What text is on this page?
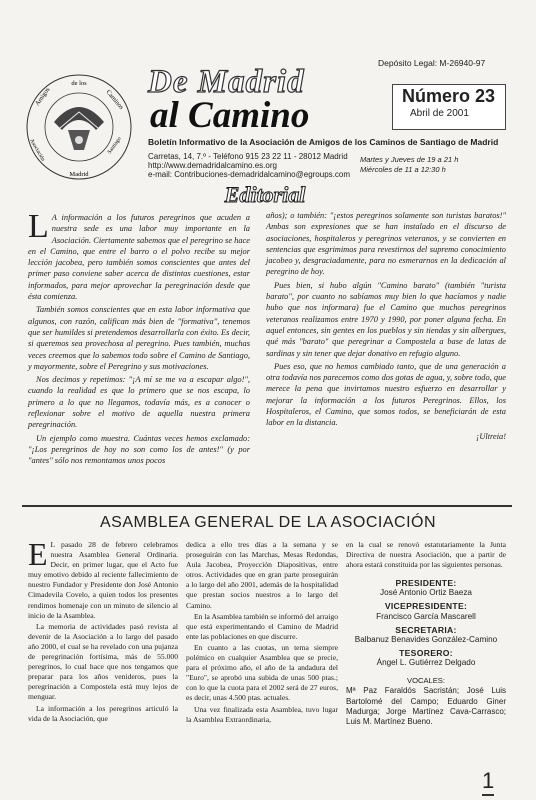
Depósito Legal: M-26940-97
de los
Amigos	Caminos
Madrid
Asociación	Santiago
De Madrid
al Camino	Número 23
Abril de 2001
Boletín Informativo de la Asociación de Amigos de los Caminos de Santiago de Madrid
Carretas, 14, 7.º - Teléfono 915 23 22 11 - 28012 Madrid
http://www.demadridalcamino.es.org
e-mail: Contribuciones-demadridalcamino@egroups.com
Martes y Jueves de 19 a 21 h
Miércoles de 11 a 12:30 h
Editorial

L A información a los futuros peregrinos que acuden a nuestra sede es una labor muy importante en la Asociación. Ciertamente sabemos que el peregrino se hace en el Camino, que entre el barro o el polvo recibe su mejor lección jacobea, pero también somos conscientes que antes del primer paso conviene saber acerca de distintas cuestiones, estar informados, para mejor aprovechar la peregrinación desde que ésta comienza.

También somos conscientes que en esta labor informativa que algunos, con razón, califican más bien de "formativa", tenemos que ser humildes si pretendemos desarrollarla con éxito. Es decir, si queremos sea provechosa al peregrino. Pues también, muchas veces creemos que lo sabemos todo sobre el Camino de Santiago, y mayormente, sobre el Peregrino y sus motivaciones.

Nos decimos y repetimos: "¡A mí se me va a escapar algo!", cuando la realidad es que lo primero que se nos escapa, lo primero a lo que no llegamos, todavía más, es a conocer o reflexionar sobre el motivo de aquella nuestra primera peregrinación.

Un ejemplo como muestra. Cuántas veces hemos exclamado: "¡Los peregrinos de hoy no son como los de antes!" (y por "antes" sólo nos remontamos unos pocos

años); o también: "¡estos peregrinos solamente son turistas baratos!" Ambas son expresiones que se han instalado en el discurso de asociaciones, hospitaleros y peregrinos veteranos, y se convierten en sentencias que esgrimimos para revestirnos del supremo conocimiento jacobeo y, desgraciadamente, para no esmerarnos en la dedicación al peregrino de hoy.

Pues bien, si hubo algún "Camino barato" (también "turista barato", por cuanto no sabíamos muy bien lo que hacíamos y nadie hubo que nos informara) fue el Camino que muchos peregrinos veteranos realizamos entre 1970 y 1990, por poner alguna fecha. En aquel entonces, sin gentes en los pueblos y sin tiendas y sin albergues, qué más "barato" que peregrinar a Compostela a base de latas de sardinas y sin tener que dejar donativo en refugio alguno.

Pues eso, que no hemos cambiado tanto, que de una generación a otra todavía nos parecemos como dos gotas de agua, y, sobre todo, que merece la pena que invirtamos nuestro esfuerzo en desarrollar y mejorar la información a los futuros Peregrinos. Ellos, los Hospitaleros, el Camino, que somos todos, se beneficiarán de esta labor en la distancia.

¡Ultreia!
ASAMBLEA GENERAL DE LA ASOCIACIÓN

E L pasado 28 de febrero celebramos nuestra Asamblea General Ordinaria. Decir, en primer lugar, que el Acto fue muy emotivo debido al reciente fallecimiento de nuestro Fundador y Presidente don José Antonio Cimadevila Covelo, a quien todos los presentes rendimos homenaje con un minuto de silencio al inicio de la Asamblea.

La memoria de actividades pasó revista al devenir de la Asociación a lo largo del pasado año 2000, el cual se ha revelado con una pujanza de peregrinación fortísima, más de 55.000 peregrinos, lo cual hace que nos tengamos que preparar para los años venideros, pues la peregrinación a Compostela está muy lejos de menguar.

La información a los peregrinos articuló la vida de la Asociación, que

dedica a ello tres días a la semana y se proseguirán con las Marchas, Mesas Redondas, Aula Jacobea, Proyección Diapositivas, entre otros. Actividades que en gran parte proseguirán a lo largo del año 2001, además de la hospitalidad que prestan socios nuestros a lo largo del Camino.

En la Asamblea también se informó del arraigo que está experimentando el Camino de Madrid ente las poblaciones en que discurre.

En cuanto a las cuotas, un tema siempre polémico en cualquier Asamblea que se precie, para el próximo año, el año de la andadura del "Euro", se aprobó una subida de unas 500 ptas.; con lo que la cuota para el 2002 será de 27 euros, es decir, unas 4.500 ptas. actuales.

Una vez finalizada esta Asamblea, tuvo lugar la Asamblea Extraordinaria,

en la cual se renovó estatutariamente la Junta Directiva de nuestra Asociación, que a partir de ahora estará constituida por las siguientes personas.

PRESIDENTE:
José Antonio Ortiz Baeza
VICEPRESIDENTE:
Francisco García Mascarell
SECRETARIA:
Balbanuz Benavides González-Camino
TESORERO:
Ángel L. Gutiérrez Delgado
VOCALES:
Mª Paz Faraldós Sacristán; José Luis Bartolomé del Campo; Eduardo Giner Madurga; Jorge Martínez Cava-Carrasco; Luis M. Martínez Bueno.
1
